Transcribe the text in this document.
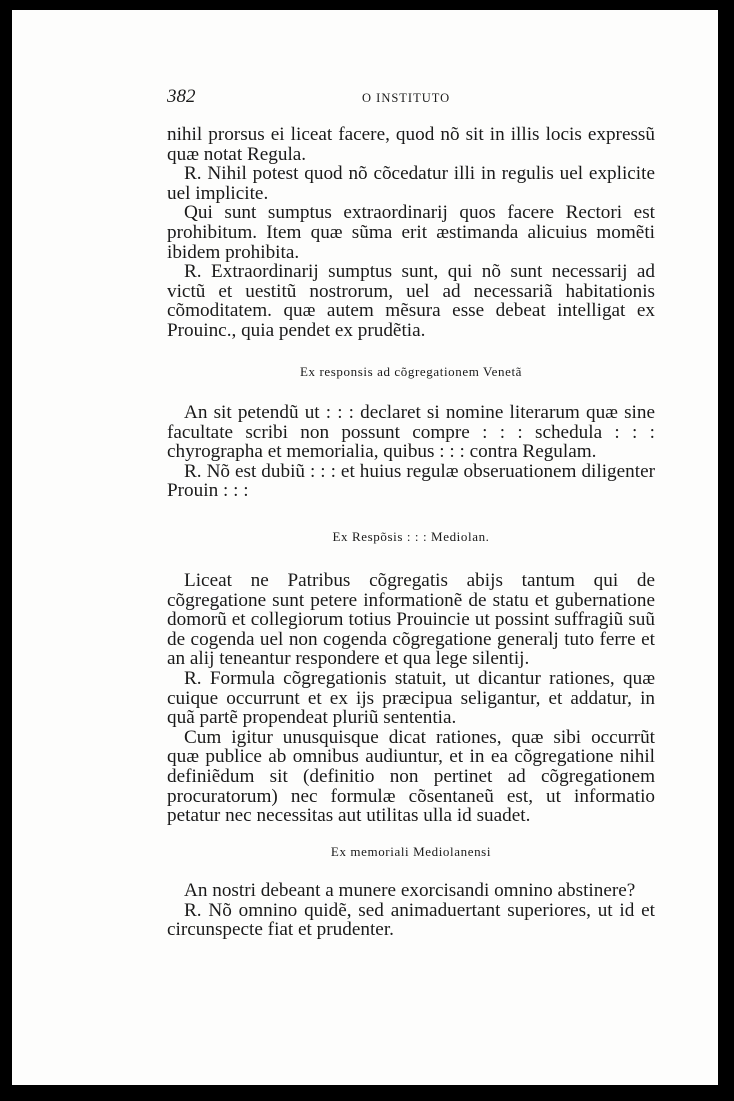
382	O INSTITUTO

nihil prorsus ei liceat facere, quod nõ sit in illis locis expressũ quæ notat Regula.

R. Nihil potest quod nõ cõcedatur illi in regulis uel explicite uel implicite.

Qui sunt sumptus extraordinarij quos facere Rectori est prohibitum. Item quæ sũma erit æstimanda alicuius momẽti ibidem prohibita.

R. Extraordinarij sumptus sunt, qui nõ sunt necessarij ad victũ et uestitũ nostrorum, uel ad necessariã habitationis cõmoditatem. quæ autem mẽsura esse debeat intelligat ex Prouinc., quia pendet ex prudẽtia.

Ex responsis ad cõgregationem Venetã

An sit petendũ ut : : : declaret si nomine literarum quæ sine facultate scribi non possunt compre : : : schedula : : : chyrographa et memorialia, quibus : : : contra Regulam.

R. Nõ est dubiũ : : : et huius regulæ obseruationem diligenter Prouin : : :

Ex Respõsis : : : Mediolan.

Liceat ne Patribus cõgregatis abijs tantum qui de cõgregatione sunt petere informationẽ de statu et gubernatione domorũ et collegiorum totius Prouincie ut possint suffragiũ suũ de cogenda uel non cogenda cõgregatione generalj tuto ferre et an alij teneantur respondere et qua lege silentij.

R. Formula cõgregationis statuit, ut dicantur rationes, quæ cuique occurrunt et ex ijs præcipua seligantur, et addatur, in quã partẽ propendeat pluriũ sententia.

Cum igitur unusquisque dicat rationes, quæ sibi occurrũt quæ publice ab omnibus audiuntur, et in ea cõgregatione nihil definiẽdum sit (definitio non pertinet ad cõgregationem procuratorum) nec formulæ cõsentaneũ est, ut informatio petatur nec necessitas aut utilitas ulla id suadet.

Ex memoriali Mediolanensi

An nostri debeant a munere exorcisandi omnino abstinere?

R. Nõ omnino quidẽ, sed animaduertant superiores, ut id et circunspecte fiat et prudenter.
